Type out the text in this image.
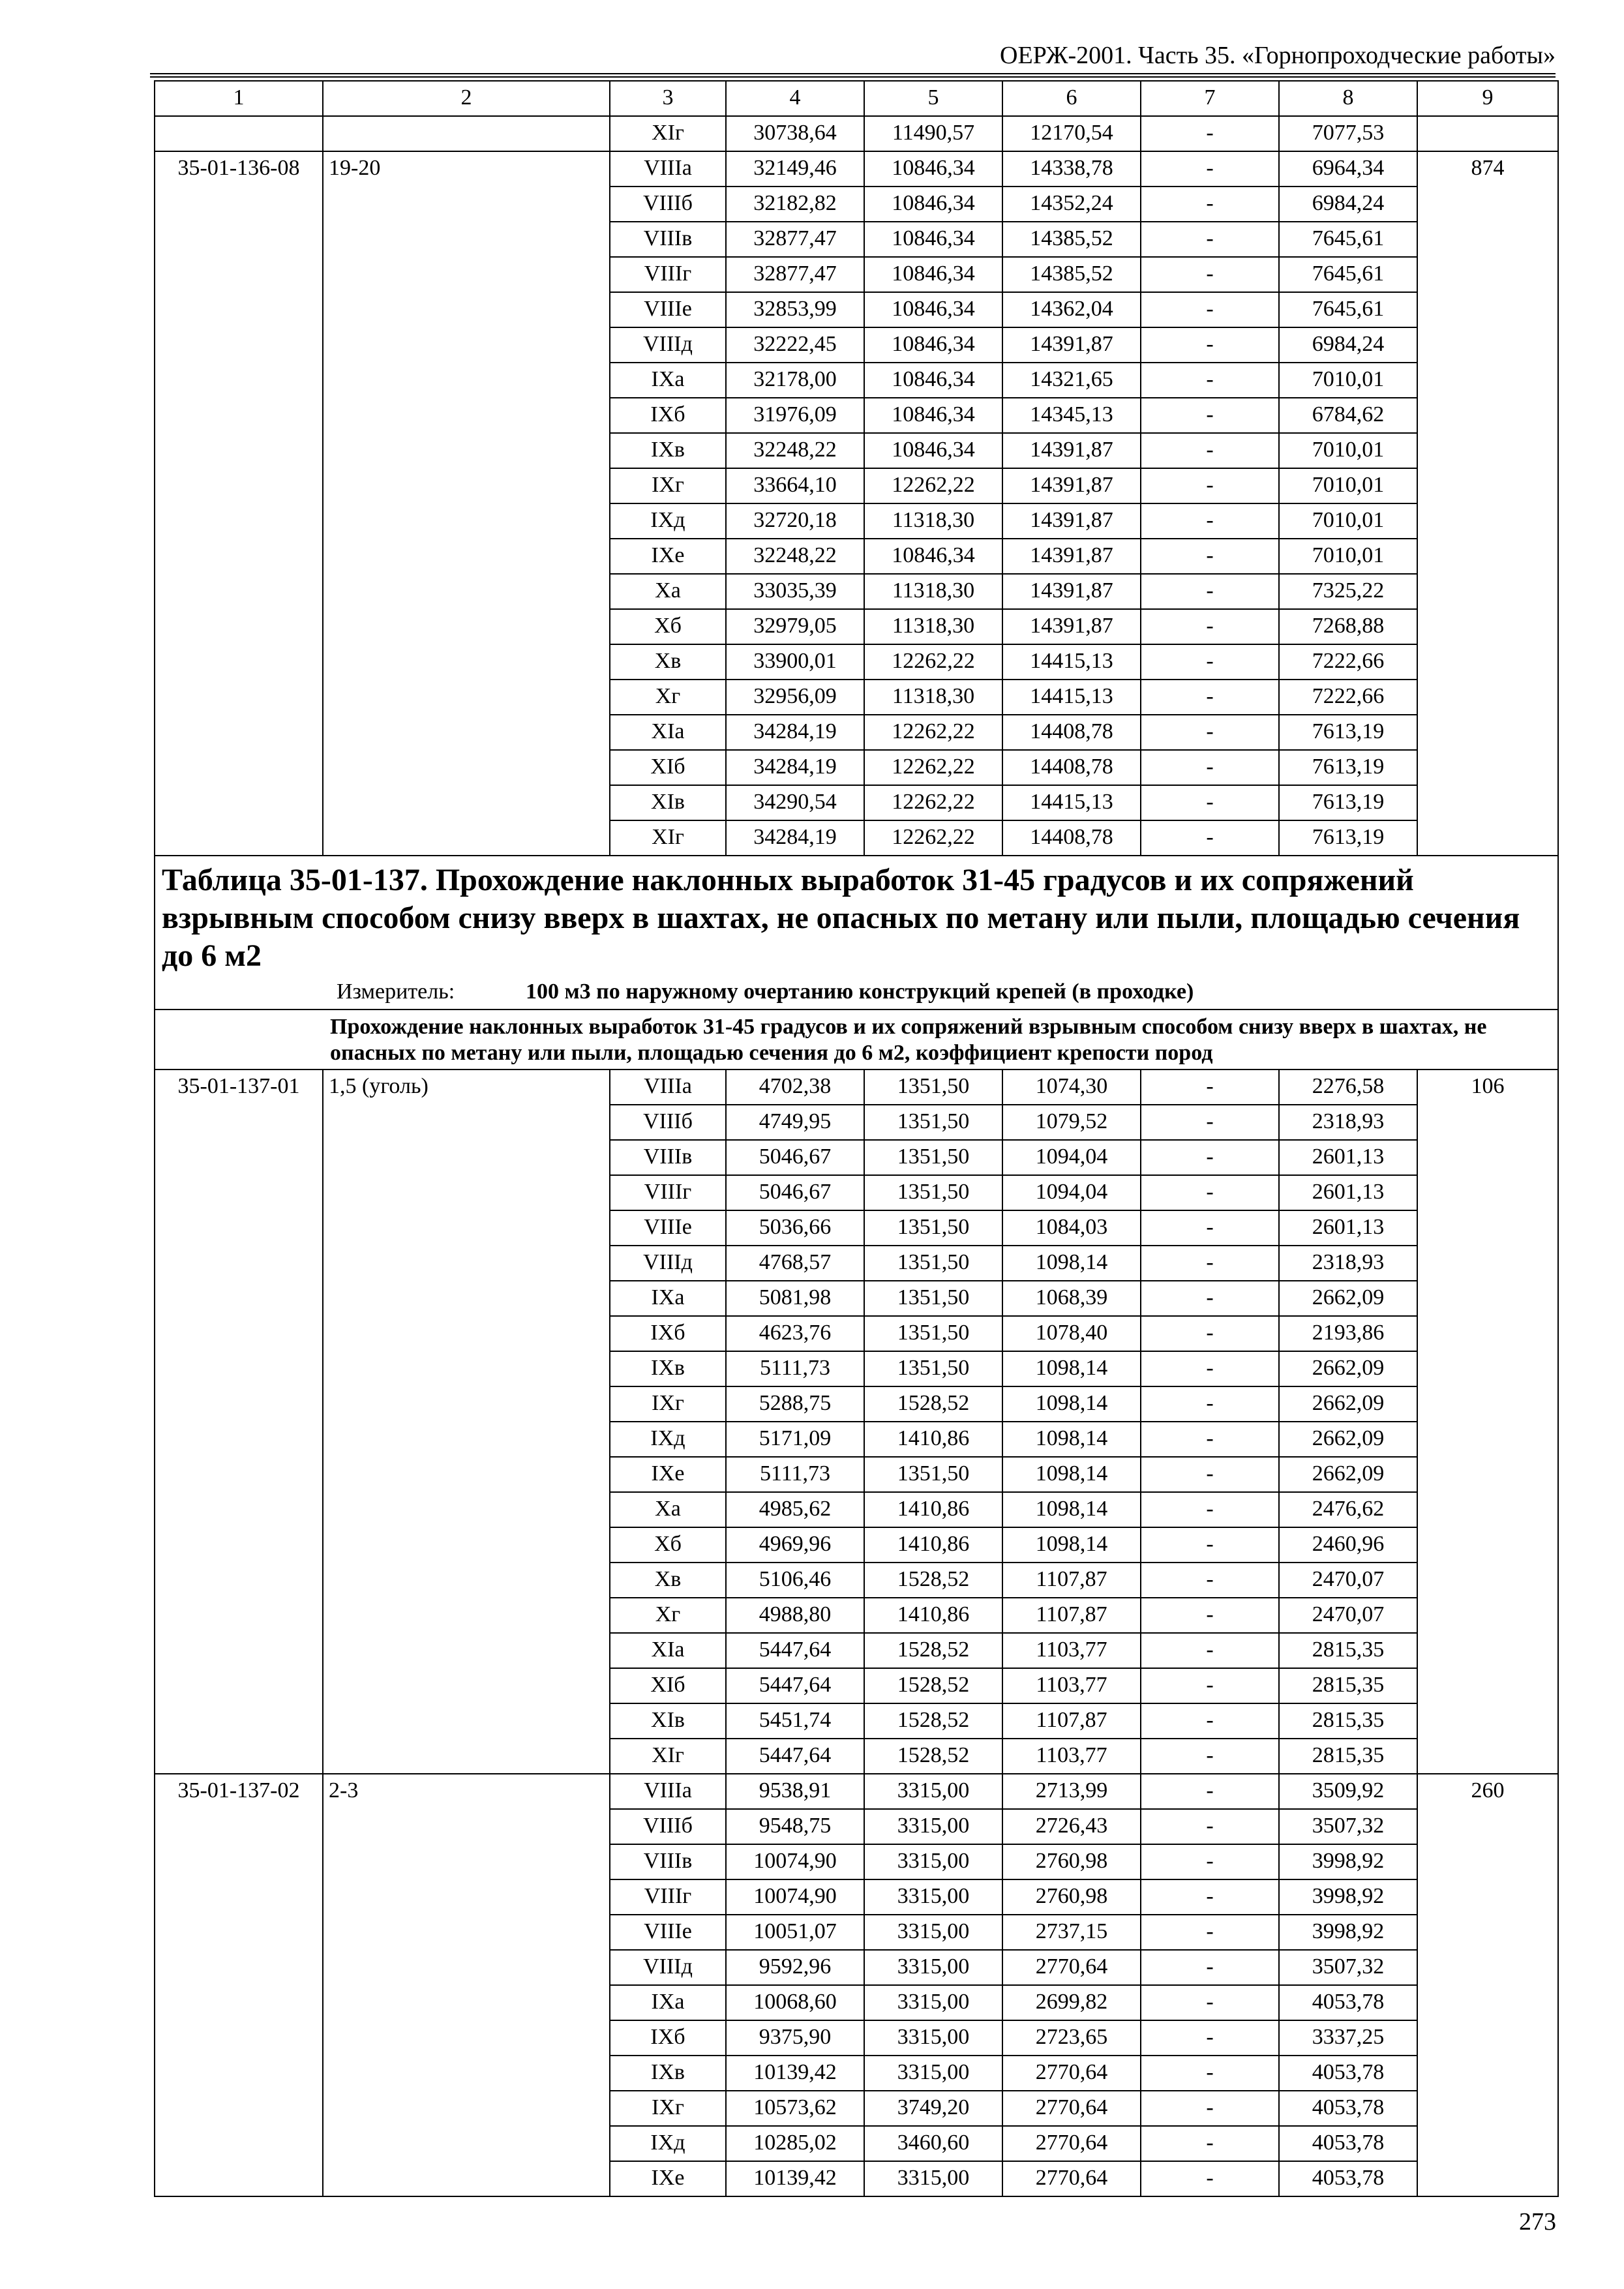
ОЕРЖ-2001. Часть 35. «Горнопроходческие работы»
1	2	3	4	5	6	7	8	9
		XIг	30738,64	11490,57	12170,54	-	7077,53	
35-01-136-08	19-20	VIIIа	32149,46	10846,34	14338,78	-	6964,34	874
		VIIIб	32182,82	10846,34	14352,24	-	6984,24	
		VIIIв	32877,47	10846,34	14385,52	-	7645,61	
		VIIIг	32877,47	10846,34	14385,52	-	7645,61	
		VIIIе	32853,99	10846,34	14362,04	-	7645,61	
		VIIIд	32222,45	10846,34	14391,87	-	6984,24	
		IXа	32178,00	10846,34	14321,65	-	7010,01	
		IXб	31976,09	10846,34	14345,13	-	6784,62	
		IXв	32248,22	10846,34	14391,87	-	7010,01	
		IXг	33664,10	12262,22	14391,87	-	7010,01	
		IXд	32720,18	11318,30	14391,87	-	7010,01	
		IXе	32248,22	10846,34	14391,87	-	7010,01	
		Xа	33035,39	11318,30	14391,87	-	7325,22	
		Xб	32979,05	11318,30	14391,87	-	7268,88	
		Xв	33900,01	12262,22	14415,13	-	7222,66	
		Xг	32956,09	11318,30	14415,13	-	7222,66	
		XIа	34284,19	12262,22	14408,78	-	7613,19	
		XIб	34284,19	12262,22	14408,78	-	7613,19	
		XIв	34290,54	12262,22	14415,13	-	7613,19	
		XIг	34284,19	12262,22	14408,78	-	7613,19	

Таблица 35-01-137. Прохождение наклонных выработок 31-45 градусов и их сопряжений взрывным способом снизу вверх в шахтах, не опасных по метану или пыли, площадью сечения до 6 м2
Измеритель: 100 м3 по наружному очертанию конструкций крепей (в проходке)								

Прохождение наклонных выработок 31-45 градусов и их сопряжений взрывным способом снизу вверх в шахтах, не опасных по метану или пыли, площадью сечения до 6 м2, коэффициент крепости пород								
35-01-137-01	1,5 (уголь)	VIIIа	4702,38	1351,50	1074,30	-	2276,58	106
		VIIIб	4749,95	1351,50	1079,52	-	2318,93	
		VIIIв	5046,67	1351,50	1094,04	-	2601,13	
		VIIIг	5046,67	1351,50	1094,04	-	2601,13	
		VIIIе	5036,66	1351,50	1084,03	-	2601,13	
		VIIIд	4768,57	1351,50	1098,14	-	2318,93	
		IXа	5081,98	1351,50	1068,39	-	2662,09	
		IXб	4623,76	1351,50	1078,40	-	2193,86	
		IXв	5111,73	1351,50	1098,14	-	2662,09	
		IXг	5288,75	1528,52	1098,14	-	2662,09	
		IXд	5171,09	1410,86	1098,14	-	2662,09	
		IXе	5111,73	1351,50	1098,14	-	2662,09	
		Xа	4985,62	1410,86	1098,14	-	2476,62	
		Xб	4969,96	1410,86	1098,14	-	2460,96	
		Xв	5106,46	1528,52	1107,87	-	2470,07	
		Xг	4988,80	1410,86	1107,87	-	2470,07	
		XIа	5447,64	1528,52	1103,77	-	2815,35	
		XIб	5447,64	1528,52	1103,77	-	2815,35	
		XIв	5451,74	1528,52	1107,87	-	2815,35	
		XIг	5447,64	1528,52	1103,77	-	2815,35	
35-01-137-02	2-3	VIIIа	9538,91	3315,00	2713,99	-	3509,92	260
		VIIIб	9548,75	3315,00	2726,43	-	3507,32	
		VIIIв	10074,90	3315,00	2760,98	-	3998,92	
		VIIIг	10074,90	3315,00	2760,98	-	3998,92	
		VIIIе	10051,07	3315,00	2737,15	-	3998,92	
		VIIIд	9592,96	3315,00	2770,64	-	3507,32	
		IXа	10068,60	3315,00	2699,82	-	4053,78	
		IXб	9375,90	3315,00	2723,65	-	3337,25	
		IXв	10139,42	3315,00	2770,64	-	4053,78	
		IXг	10573,62	3749,20	2770,64	-	4053,78	
		IXд	10285,02	3460,60	2770,64	-	4053,78	
		IXе	10139,42	3315,00	2770,64	-	4053,78	
273
